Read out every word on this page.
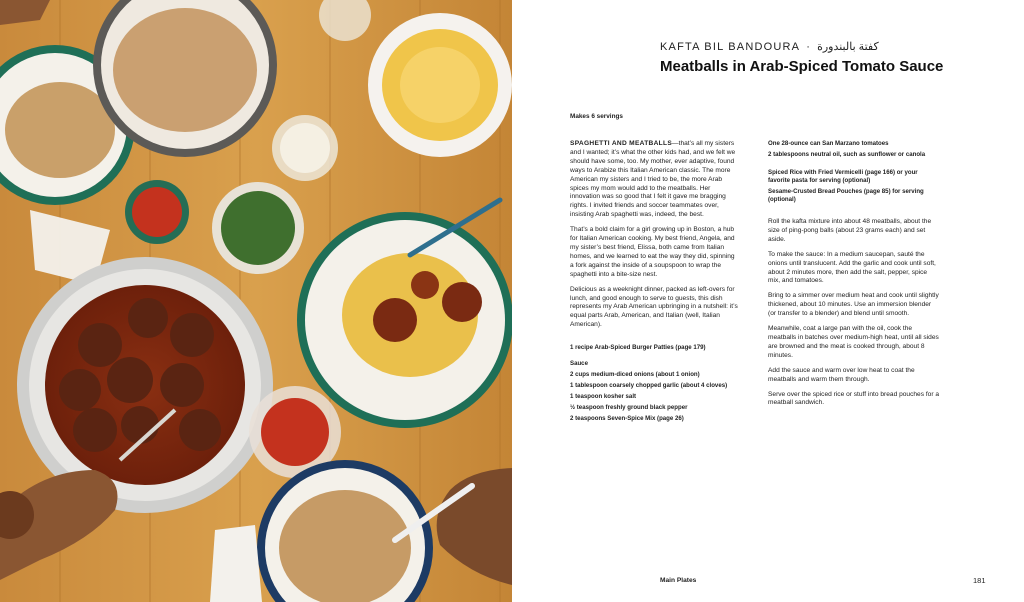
KAFTA BIL BANDOURA · كفتة بالبندورة
Meatballs in Arab-Spiced Tomato Sauce
Makes 6 servings

SPAGHETTI AND MEATBALLS—that’s all my sisters and I wanted; it’s what the other kids had, and we felt we should have some, too. My mother, ever adaptive, found ways to Arabize this Italian American classic. The more American my sisters and I tried to be, the more Arab spices my mom would add to the meatballs. Her innovation was so good that I felt it gave me bragging rights. I invited friends and soccer teammates over, insisting Arab spaghetti was, indeed, the best.

That’s a bold claim for a girl growing up in Boston, a hub for Italian American cooking. My best friend, Angela, and my sister’s best friend, Elissa, both came from Italian homes, and we learned to eat the way they did, spinning a fork against the inside of a soupspoon to wrap the spaghetti into a bite-size nest.

Delicious as a weeknight dinner, packed as left-overs for lunch, and good enough to serve to guests, this dish represents my Arab American upbringing in a nutshell: it’s equal parts Arab, American, and Italian (well, Italian American).

1 recipe Arab-Spiced Burger Patties (page 179)
Sauce
2 cups medium-diced onions (about 1 onion)
1 tablespoon coarsely chopped garlic (about 4 cloves)
1 teaspoon kosher salt
½ teaspoon freshly ground black pepper
2 teaspoons Seven-Spice Mix (page 26)
One 28-ounce can San Marzano tomatoes
2 tablespoons neutral oil, such as sunflower or canola
Spiced Rice with Fried Vermicelli (page 166) or your favorite pasta for serving (optional)
Sesame-Crusted Bread Pouches (page 85) for serving (optional)

Roll the kafta mixture into about 48 meatballs, about the size of ping-pong balls (about 23 grams each) and set aside.

To make the sauce: In a medium saucepan, sauté the onions until translucent. Add the garlic and cook until soft, about 2 minutes more, then add the salt, pepper, spice mix, and tomatoes.

Bring to a simmer over medium heat and cook until slightly thickened, about 10 minutes. Use an immersion blender (or transfer to a blender) and blend until smooth.

Meanwhile, coat a large pan with the oil, cook the meatballs in batches over medium-high heat, until all sides are browned and the meat is cooked through, about 8 minutes.

Add the sauce and warm over low heat to coat the meatballs and warm them through.

Serve over the spiced rice or stuff into bread pouches for a meatball sandwich.

Main Plates	181
